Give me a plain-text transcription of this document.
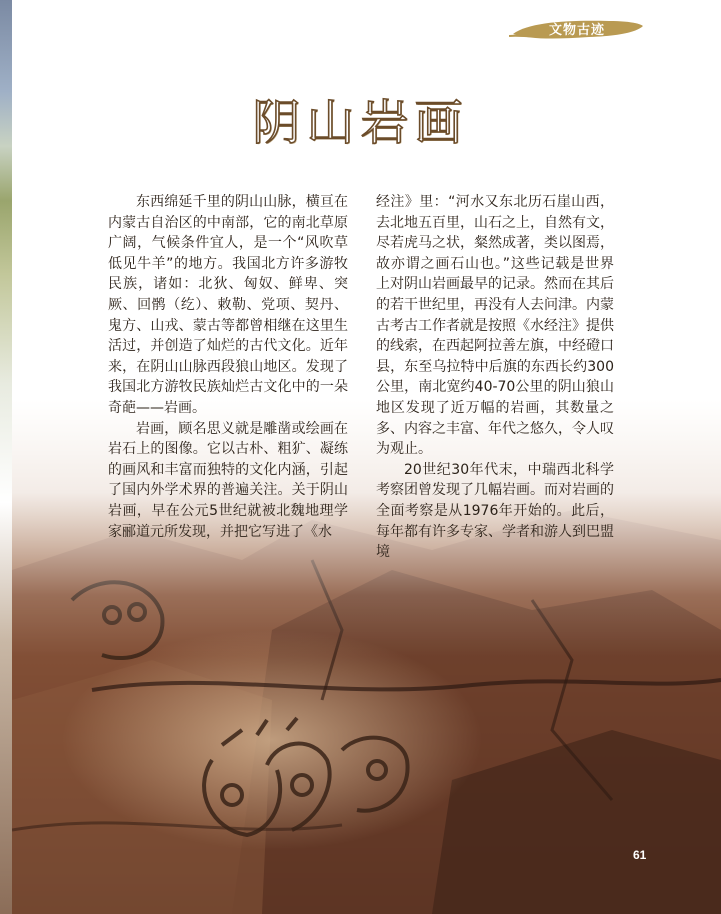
文物古迹
阴山岩画

东西绵延千里的阴山山脉，横亘在内蒙古自治区的中南部，它的南北草原广阔，气候条件宜人，是一个“风吹草低见牛羊”的地方。我国北方许多游牧民族，诸如：北狄、匈奴、鲜卑、突厥、回鹘（纥）、敕勒、党项、契丹、鬼方、山戎、蒙古等都曾相继在这里生活过，并创造了灿烂的古代文化。近年来，在阴山山脉西段狼山地区。发现了我国北方游牧民族灿烂古文化中的一朵奇葩——岩画。

岩画，顾名思义就是雕凿或绘画在岩石上的图像。它以古朴、粗犷、凝练的画风和丰富而独特的文化内涵，引起了国内外学术界的普遍关注。关于阴山岩画，早在公元5世纪就被北魏地理学家郦道元所发现，并把它写进了《水

经注》里：“河水又东北历石崖山西，去北地五百里，山石之上，自然有文，尽若虎马之状，粲然成著，类以图焉，故亦谓之画石山也。”这些记载是世界上对阴山岩画最早的记录。然而在其后的若干世纪里，再没有人去问津。内蒙古考古工作者就是按照《水经注》提供的线索，在西起阿拉善左旗，中经磴口县，东至乌拉特中后旗的东西长约300公里，南北宽约40-70公里的阴山狼山地区发现了近万幅的岩画，其数量之多、内容之丰富、年代之悠久，令人叹为观止。

20世纪30年代末，中瑞西北科学考察团曾发现了几幅岩画。而对岩画的全面考察是从1976年开始的。此后，每年都有许多专家、学者和游人到巴盟境

61
